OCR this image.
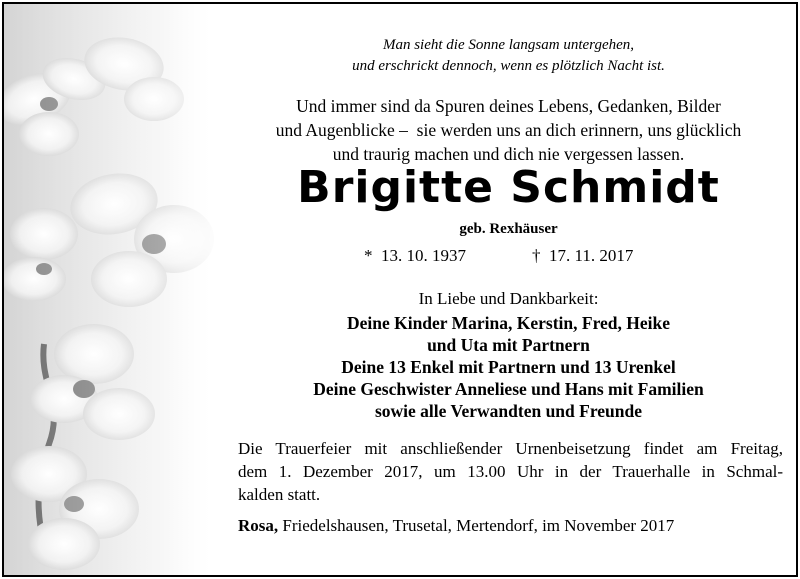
Man sieht die Sonne langsam untergehen,
und erschrickt dennoch, wenn es plötzlich Nacht ist.
Und immer sind da Spuren deines Lebens, Gedanken, Bilder
und Augenblicke –  sie werden uns an dich erinnern, uns glücklich
und traurig machen und dich nie vergessen lassen.
Brigitte Schmidt
geb. Rexhäuser
*  13. 10. 1937	†  17. 11. 2017
In Liebe und Dankbarkeit:
Deine Kinder Marina, Kerstin, Fred, Heike
und Uta mit Partnern
Deine 13 Enkel mit Partnern und 13 Urenkel
Deine Geschwister Anneliese und Hans mit Familien
sowie alle Verwandten und Freunde
Die Trauerfeier mit anschließender Urnenbeisetzung findet am Freitag,
dem 1. Dezember 2017, um 13.00 Uhr in der Trauerhalle in Schmal-
kalden statt.
Rosa, Friedelshausen, Trusetal, Mertendorf, im November 2017
